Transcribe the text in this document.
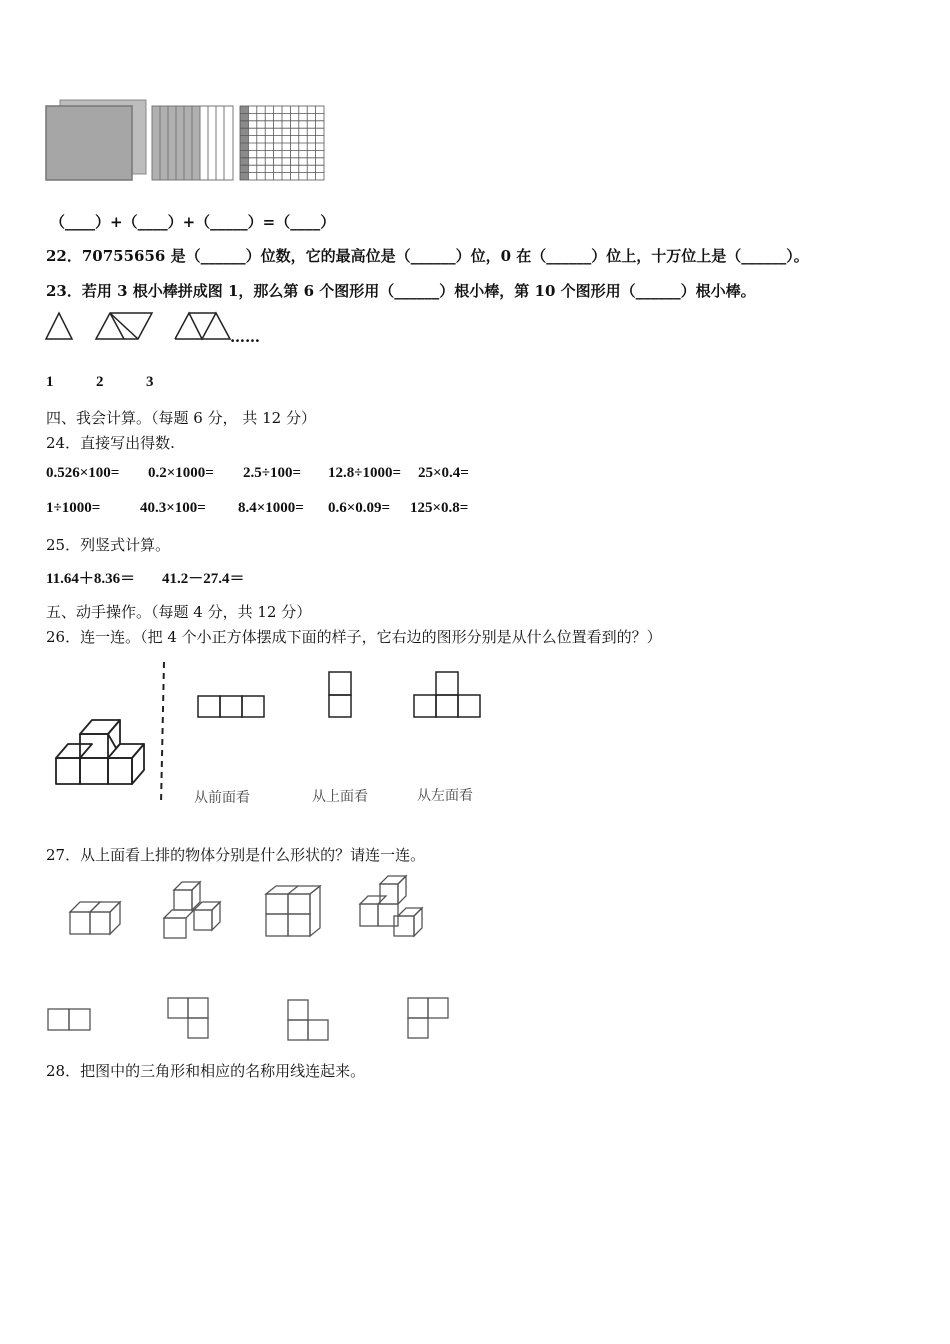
（____）+（____）+（_____）=（____）
22．70755656 是（______）位数，它的最高位是（______）位，0 在（______）位上，十万位上是（______）。
23．若用 3 根小棒拼成图 1，那么第 6 个图形用（______）根小棒，第 10 个图形用（______）根小棒。
……
1	2	3
四、我会计算。（每题 6 分， 共 12 分）
24．直接写出得数.
0.526×100= 0.2×1000= 2.5÷100= 12.8÷1000= 25×0.4=
1÷1000=	40.3×100= 8.4×1000= 0.6×0.09= 125×0.8=
25．列竖式计算。
11.64＋8.36＝ 41.2－27.4＝
五、动手操作。（每题 4 分，共 12 分）
26．连一连。（把 4 个小正方体摆成下面的样子，它右边的图形分别是从什么位置看到的？）
从前面看	从上面看	从左面看
27．从上面看上排的物体分别是什么形状的？请连一连。
28．把图中的三角形和相应的名称用线连起来。
